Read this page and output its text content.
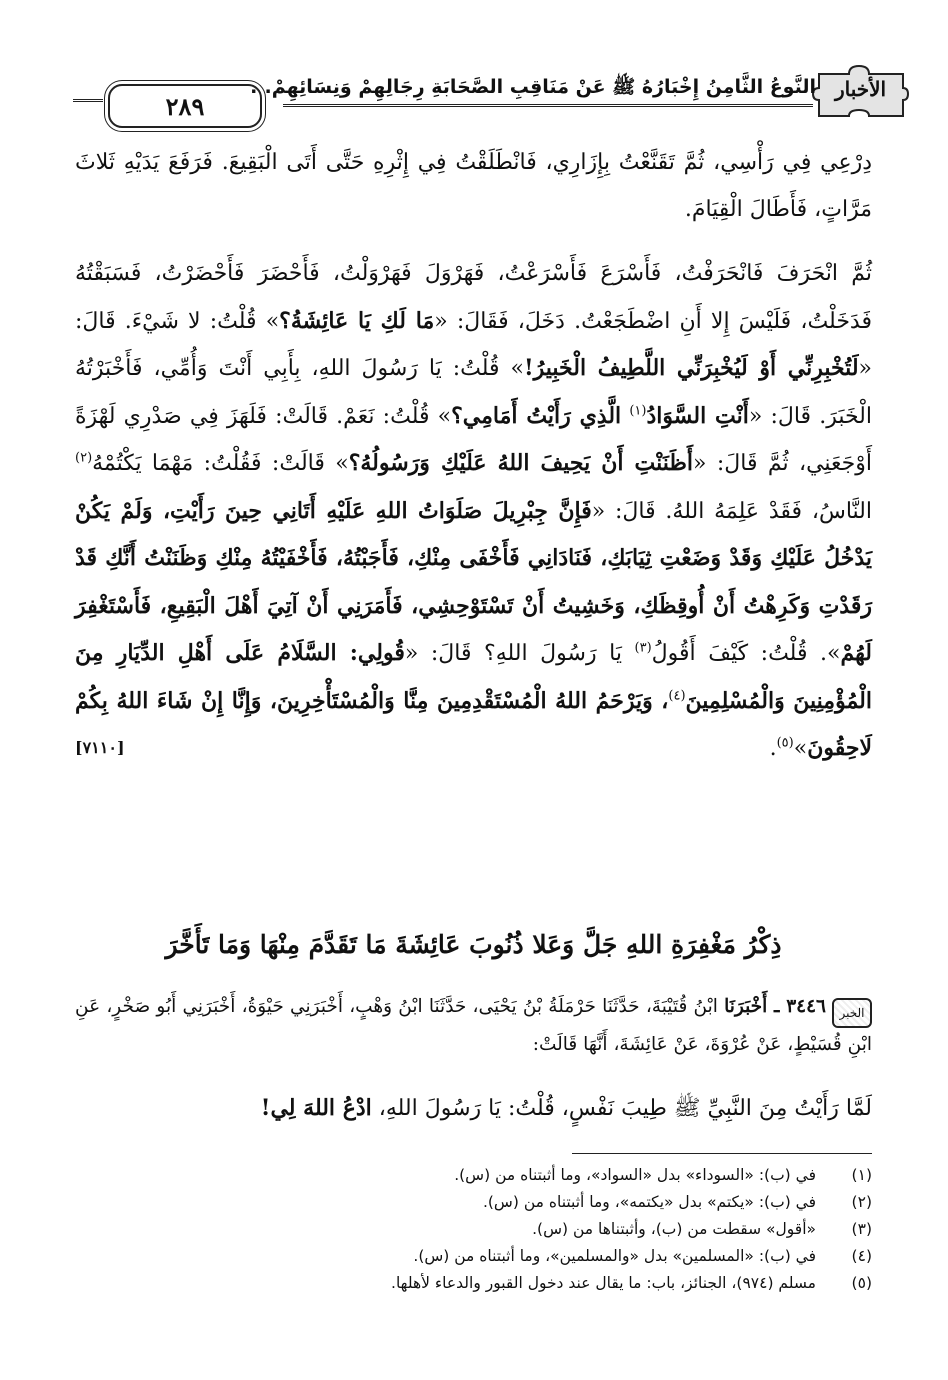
الأخبار
النَّوعُ الثَّامِنُ إِخْبَارُهُ ﷺ عَنْ مَنَاقِبِ الصَّحَابَةِ رِجَالِهِمْ وَنِسَائِهِمْ...
٢٨٩

دِرْعِي فِي رَأْسِي، ثُمَّ تَقَنَّعْتُ بِإِزَارِي، فَانْطَلَقْتُ فِي إِثْرِهِ حَتَّى أَتَى الْبَقِيعَ. فَرَفَعَ يَدَيْهِ ثَلاثَ مَرَّاتٍ، فَأَطَالَ الْقِيَامَ.

ثُمَّ انْحَرَفَ فَانْحَرَفْتُ، فَأَسْرَعَ فَأَسْرَعْتُ، فَهَرْوَلَ فَهَرْوَلْتُ، فَأَحْضَرَ فَأَحْضَرْتُ، فَسَبَقْتُهُ فَدَخَلْتُ، فَلَيْسَ إِلا أَنِ اضْطَجَعْتُ. دَخَلَ، فَقَالَ: «مَا لَكِ يَا عَائِشَةُ؟» قُلْتُ: لا شَيْءَ. قَالَ: «لَتُخْبِرِنِّي أَوْ لَيُخْبِرَنِّي اللَّطِيفُ الْخَبِيرُ!» قُلْتُ: يَا رَسُولَ اللهِ، بِأَبِي أَنْتَ وَأُمِّي، فَأَخْبَرْتُهُ الْخَبَرَ. قَالَ: «أَنْتِ السَّوَادُ$^{(١)}$ الَّذِي رَأَيْتُ أَمَامِي؟» قُلْتُ: نَعَمْ. قَالَتْ: فَلَهَزَ فِي صَدْرِي لَهْزَةً أَوْجَعَنِي، ثُمَّ قَالَ: «أَظَنَنْتِ أَنْ يَحِيفَ اللهُ عَلَيْكِ وَرَسُولُهُ؟» قَالَتْ: فَقُلْتُ: مَهْمَا يَكْتُمْهُ$^{(٢)}$ النَّاسُ، فَقَدْ عَلِمَهُ اللهُ. قَالَ: «فَإِنَّ جِبْرِيلَ صَلَوَاتُ اللهِ عَلَيْهِ أَتَانِي حِينَ رَأَيْتِ، وَلَمْ يَكُنْ يَدْخُلُ عَلَيْكِ وَقَدْ وَضَعْتِ ثِيَابَكِ، فَنَادَانِي فَأَخْفَى مِنْكِ، فَأَجَبْتُهُ، فَأَخْفَيْتُهُ مِنْكِ وَظَنَنْتُ أَنَّكِ قَدْ رَقَدْتِ وَكَرِهْتُ أَنْ أُوقِظَكِ، وَخَشِيتُ أَنْ تَسْتَوْحِشِي، فَأَمَرَنِي أَنْ آتِيَ أَهْلَ الْبَقِيعِ، فَأَسْتَغْفِرَ لَهُمْ». قُلْتُ: كَيْفَ أَقُولُ$^{(٣)}$ يَا رَسُولَ اللهِ؟ قَالَ: «قُولِي: السَّلَامُ عَلَى أَهْلِ الدِّيَارِ مِنَ الْمُؤْمِنِينَ وَالْمُسْلِمِينَ$^{(٤)}$، وَيَرْحَمُ اللهُ الْمُسْتَقْدِمِينَ مِنَّا وَالْمُسْتَأْخِرِينَ، وَإِنَّا إِنْ شَاءَ اللهُ بِكُمْ لَاحِقُونَ»$^{(٥)}$.
[٧١١٠]

ذِكْرُ مَغْفِرَةِ اللهِ جَلَّ وَعَلا ذُنُوبَ عَائِشَةَ مَا تَقَدَّمَ مِنْهَا وَمَا تَأَخَّرَ
الخبر٣٤٤٦ ـ أَخْبَرَنَا ابْنُ قُتَيْبَةَ، حَدَّثَنَا حَرْمَلَةُ بْنُ يَحْيَى، حَدَّثَنَا ابْنُ وَهْبٍ، أَخْبَرَنِي حَيْوَةُ، أَخْبَرَنِي أَبُو صَخْرٍ، عَنِ ابْنِ قُسَيْطٍ، عَنْ عُرْوَةَ، عَنْ عَائِشَةَ، أَنَّهَا قَالَتْ:
لَمَّا رَأَيْتُ مِنَ النَّبِيِّ ﷺ طِيبَ نَفْسٍ، قُلْتُ: يَا رَسُولَ اللهِ، ادْعُ اللهَ لِي!

(١)في (ب): «السوداء» بدل «السواد»، وما أثبتناه من (س).

(٢)في (ب): «يكتم» بدل «يكتمه»، وما أثبتناه من (س).

(٣)«أقول» سقطت من (ب)، وأثبتناها من (س).

(٤)في (ب): «المسلمين» بدل «والمسلمين»، وما أثبتناه من (س).

(٥)مسلم (٩٧٤)، الجنائز، باب: ما يقال عند دخول القبور والدعاء لأهلها.
